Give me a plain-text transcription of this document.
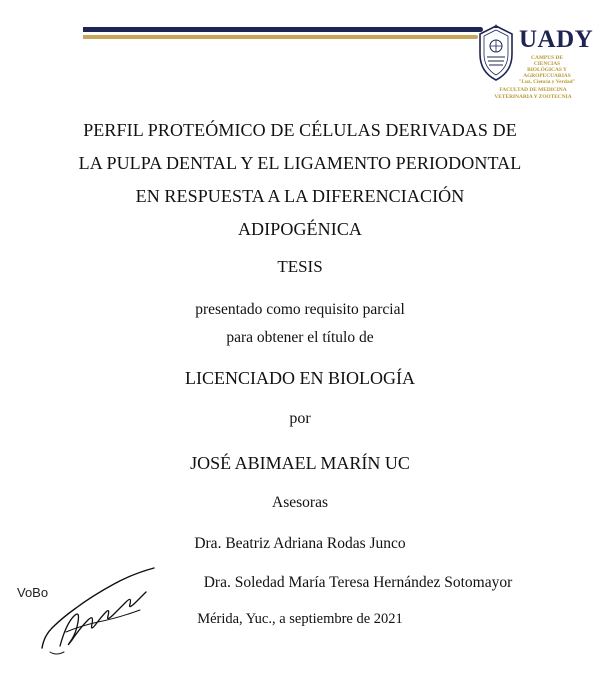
UADY
CAMPUS DE
CIENCIAS
BIOLÓGICAS Y
AGROPECUARIAS
"Luz, Ciencia y Verdad"
FACULTAD DE MEDICINA
VETERINARIA Y ZOOTECNIA
PERFIL PROTEÓMICO DE CÉLULAS DERIVADAS DE
LA PULPA DENTAL Y EL LIGAMENTO PERIODONTAL
EN RESPUESTA A LA DIFERENCIACIÓN
ADIPOGÉNICA
TESIS
presentado como requisito parcial
para obtener el título de
LICENCIADO EN BIOLOGÍA
por
JOSÉ ABIMAEL MARÍN UC
Asesoras
Dra. Beatriz Adriana Rodas Junco
Dra. Soledad María Teresa Hernández Sotomayor
Mérida, Yuc., a septiembre de 2021
VoBo
